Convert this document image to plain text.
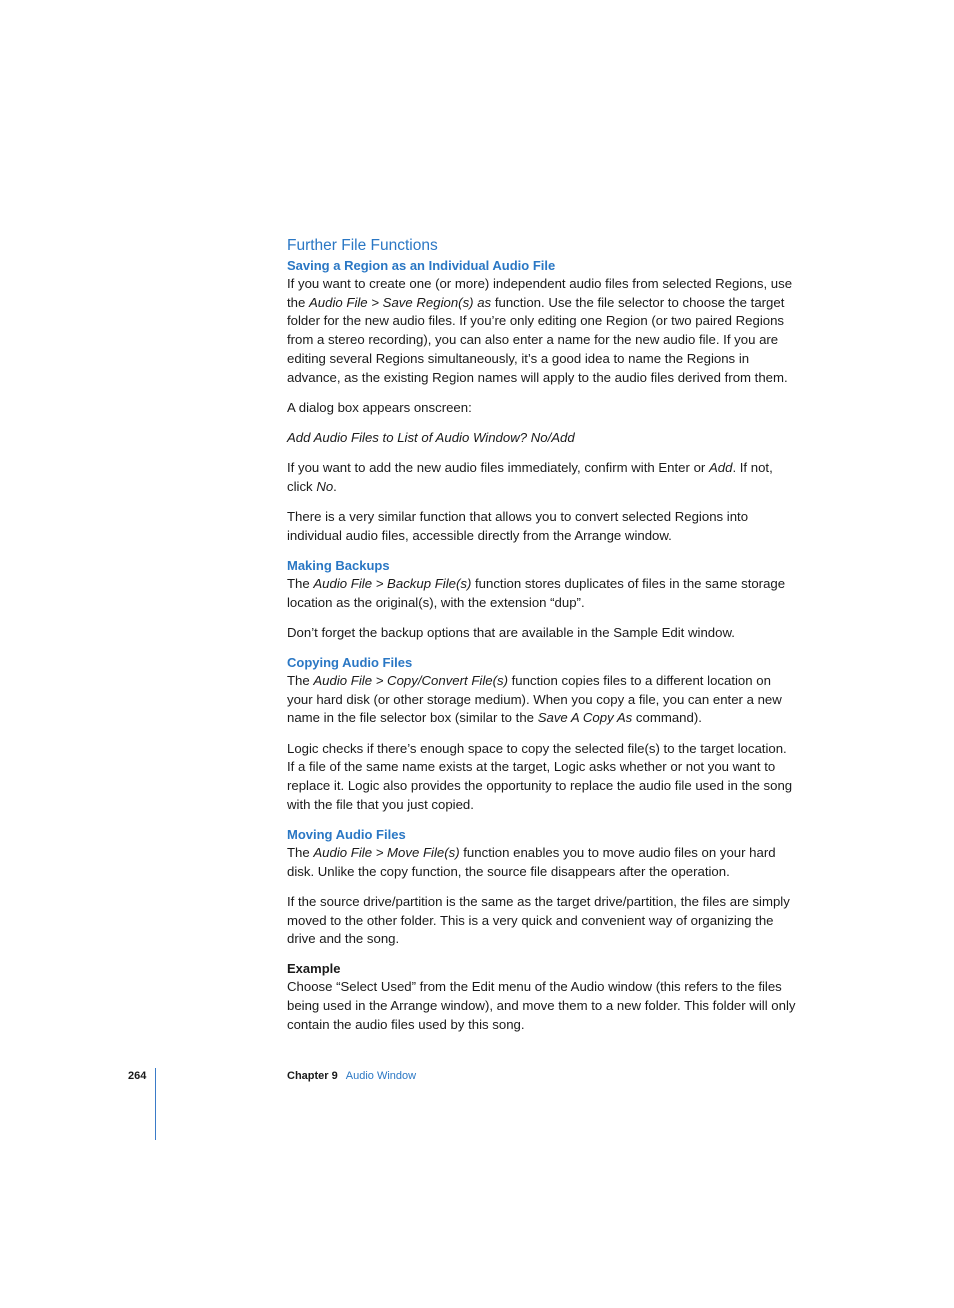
Further File Functions
Saving a Region as an Individual Audio File

If you want to create one (or more) independent audio files from selected Regions, use the Audio File > Save Region(s) as function. Use the file selector to choose the target folder for the new audio files. If you’re only editing one Region (or two paired Regions from a stereo recording), you can also enter a name for the new audio file. If you are editing several Regions simultaneously, it’s a good idea to name the Regions in advance, as the existing Region names will apply to the audio files derived from them.

A dialog box appears onscreen:

Add Audio Files to List of Audio Window? No/Add

If you want to add the new audio files immediately, confirm with Enter or Add. If not, click No.

There is a very similar function that allows you to convert selected Regions into individual audio files, accessible directly from the Arrange window.

Making Backups

The Audio File > Backup File(s) function stores duplicates of files in the same storage location as the original(s), with the extension “dup”.

Don’t forget the backup options that are available in the Sample Edit window.

Copying Audio Files

The Audio File > Copy/Convert File(s) function copies files to a different location on your hard disk (or other storage medium). When you copy a file, you can enter a new name in the file selector box (similar to the Save A Copy As command).

Logic checks if there’s enough space to copy the selected file(s) to the target location. If a file of the same name exists at the target, Logic asks whether or not you want to replace it. Logic also provides the opportunity to replace the audio file used in the song with the file that you just copied.

Moving Audio Files

The Audio File > Move File(s) function enables you to move audio files on your hard disk. Unlike the copy function, the source file disappears after the operation.

If the source drive/partition is the same as the target drive/partition, the files are simply moved to the other folder. This is a very quick and convenient way of organizing the drive and the song.

Example

Choose “Select Used” from the Edit menu of the Audio window (this refers to the files being used in the Arrange window), and move them to a new folder. This folder will only contain the audio files used by this song.

264	Chapter 9 Audio Window
